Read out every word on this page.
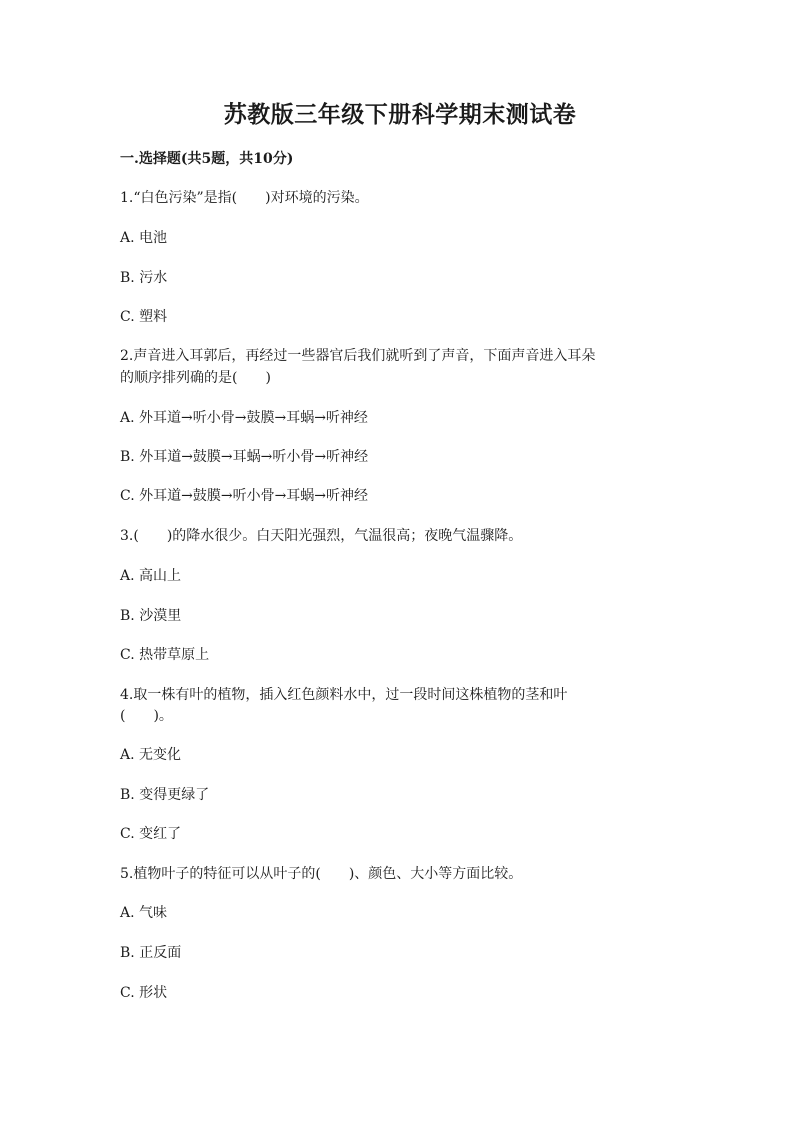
苏教版三年级下册科学期末测试卷
一.选择题(共5题，共10分)
1.“白色污染”是指(　　)对环境的污染。
A. 电池
B. 污水
C. 塑料
2.声音进入耳郭后，再经过一些器官后我们就听到了声音，下面声音进入耳朵
的顺序排列确的是(　　)
A. 外耳道→听小骨→鼓膜→耳蜗→听神经
B. 外耳道→鼓膜→耳蜗→听小骨→听神经
C. 外耳道→鼓膜→听小骨→耳蜗→听神经
3.(　　)的降水很少。白天阳光强烈，气温很高；夜晚气温骤降。
A. 高山上
B. 沙漠里
C. 热带草原上
4.取一株有叶的植物，插入红色颜料水中，过一段时间这株植物的茎和叶
(　　)。
A. 无变化
B. 变得更绿了
C. 变红了
5.植物叶子的特征可以从叶子的(　　)、颜色、大小等方面比较。
A. 气味
B. 正反面
C. 形状
